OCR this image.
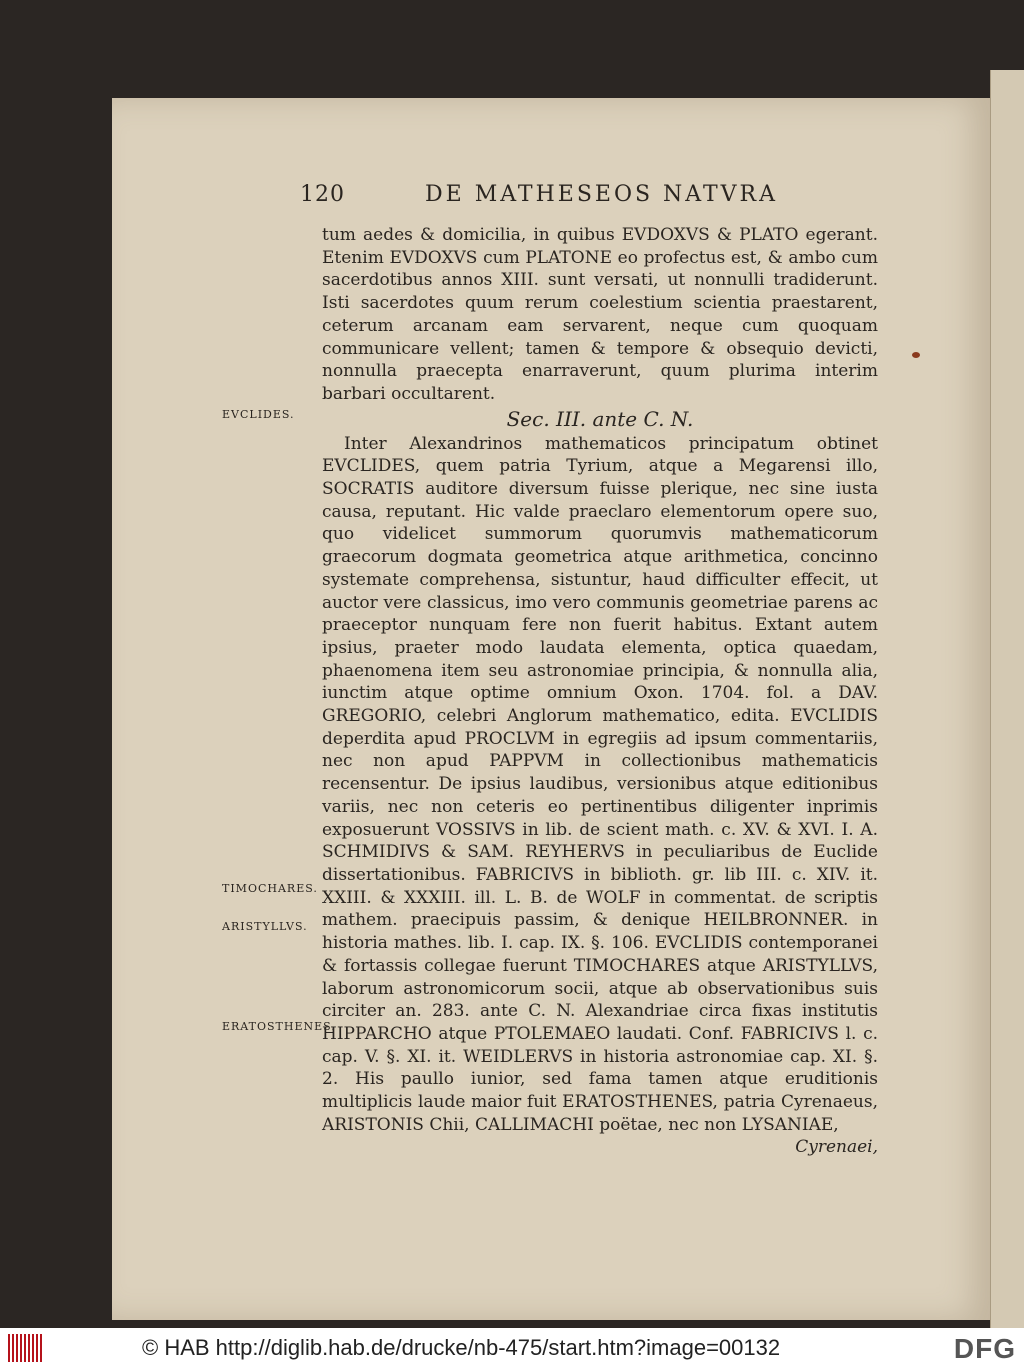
120	DE MATHESEOS NATVRA

tum aedes & domicilia, in quibus EVDOXVS & PLATO egerant. Etenim EVDOXVS cum PLATONE eo profectus est, & ambo cum sacerdotibus annos XIII. sunt versati, ut nonnulli tradiderunt. Isti sacerdotes quum rerum coelestium scientia praestarent, ceterum arcanam eam servarent, neque cum quoquam communicare vellent; tamen & tempore & obsequio devicti, nonnulla praecepta enarraverunt, quum plurima interim barbari occultarent.

Sec. III. ante C. N.

Inter Alexandrinos mathematicos principatum obtinet EVCLIDES, quem patria Tyrium, atque a Megarensi illo, SOCRATIS auditore diversum fuisse plerique, nec sine iusta causa, reputant. Hic valde praeclaro elementorum opere suo, quo videlicet summorum quorumvis mathematicorum graecorum dogmata geometrica atque arithmetica, concinno systemate comprehensa, sistuntur, haud difficulter effecit, ut auctor vere classicus, imo vero communis geometriae parens ac praeceptor nunquam fere non fuerit habitus. Extant autem ipsius, praeter modo laudata elementa, optica quaedam, phaenomena item seu astronomiae principia, & nonnulla alia, iunctim atque optime omnium Oxon. 1704. fol. a DAV. GREGORIO, celebri Anglorum mathematico, edita. EVCLIDIS deperdita apud PROCLVM in egregiis ad ipsum commentariis, nec non apud PAPPVM in collectionibus mathematicis recensentur. De ipsius laudibus, versionibus atque editionibus variis, nec non ceteris eo pertinentibus diligenter inprimis exposuerunt VOSSIVS in lib. de scient math. c. XV. & XVI. I. A. SCHMIDIVS & SAM. REYHERVS in peculiaribus de Euclide dissertationibus. FABRICIVS in biblioth. gr. lib III. c. XIV. it. XXIII. & XXXIII. ill. L. B. de WOLF in commentat. de scriptis mathem. praecipuis passim, & denique HEILBRONNER. in historia mathes. lib. I. cap. IX. §. 106. EVCLIDIS contemporanei & fortassis collegae fuerunt TIMOCHARES atque ARISTYLLVS, laborum astronomicorum socii, atque ab observationibus suis circiter an. 283. ante C. N. Alexandriae circa fixas institutis HIPPARCHO atque PTOLEMAEO laudati. Conf. FABRICIVS l. c. cap. V. §. XI. it. WEIDLERVS in historia astronomiae cap. XI. §. 2. His paullo iunior, sed fama tamen atque eruditionis multiplicis laude maior fuit ERATOSTHENES, patria Cyrenaeus, ARISTONIS Chii, CALLIMACHI poëtae, nec non LYSANIAE,

Cyrenaei,

EVCLIDES.
TIMOCHARES.
ARISTYLLVS.
ERATOSTHENES.
© HAB http://diglib.hab.de/drucke/nb-475/start.htm?image=00132	DFG
